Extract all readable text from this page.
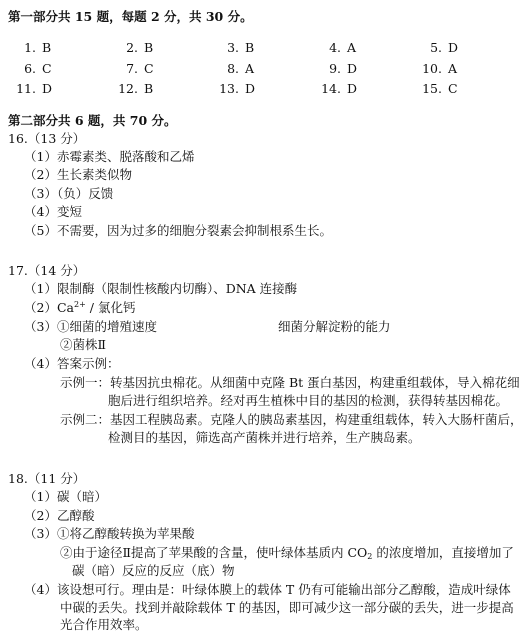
第一部分共 15 题，每题 2 分，共 30 分。
1. B	2. B	3. B	4. A	5. D
6. C	7. C	8. A	9. D	10. A
11. D	12. B	13. D	14. D	15. C
第二部分共 6 题，共 70 分。
16.（13 分）
（1）赤霉素类、脱落酸和乙烯
（2）生长素类似物
（3）（负）反馈
（4）变短
（5）不需要，因为过多的细胞分裂素会抑制根系生长。
17.（14 分）
（1）限制酶（限制性核酸内切酶）、DNA 连接酶
$(2)Ca^{2+}$ / 氯化钙
（3）①细菌的增殖速度	细菌分解淀粉的能力
②菌株Ⅱ
（4）答案示例：
示例一：转基因抗虫棉花。从细菌中克隆 Bt 蛋白基因，构建重组载体，导入棉花细
胞后进行组织培养。经对再生植株中目的基因的检测，获得转基因棉花。
示例二：基因工程胰岛素。克隆人的胰岛素基因，构建重组载体，转入大肠杆菌后，
检测目的基因，筛选高产菌株并进行培养，生产胰岛素。
18.（11 分）
（1）碳（暗）
（2）乙醇酸
（3）①将乙醇酸转换为苹果酸
②由于途径Ⅱ提高了苹果酸的含量，使叶绿体基质内 $CO_2$ 的浓度增加，直接增加了
碳（暗）反应的反应（底）物
（4）该设想可行。理由是：叶绿体膜上的载体 T 仍有可能输出部分乙醇酸，造成叶绿体
中碳的丢失。找到并敲除载体 T 的基因，即可减少这一部分碳的丢失，进一步提高
光合作用效率。
